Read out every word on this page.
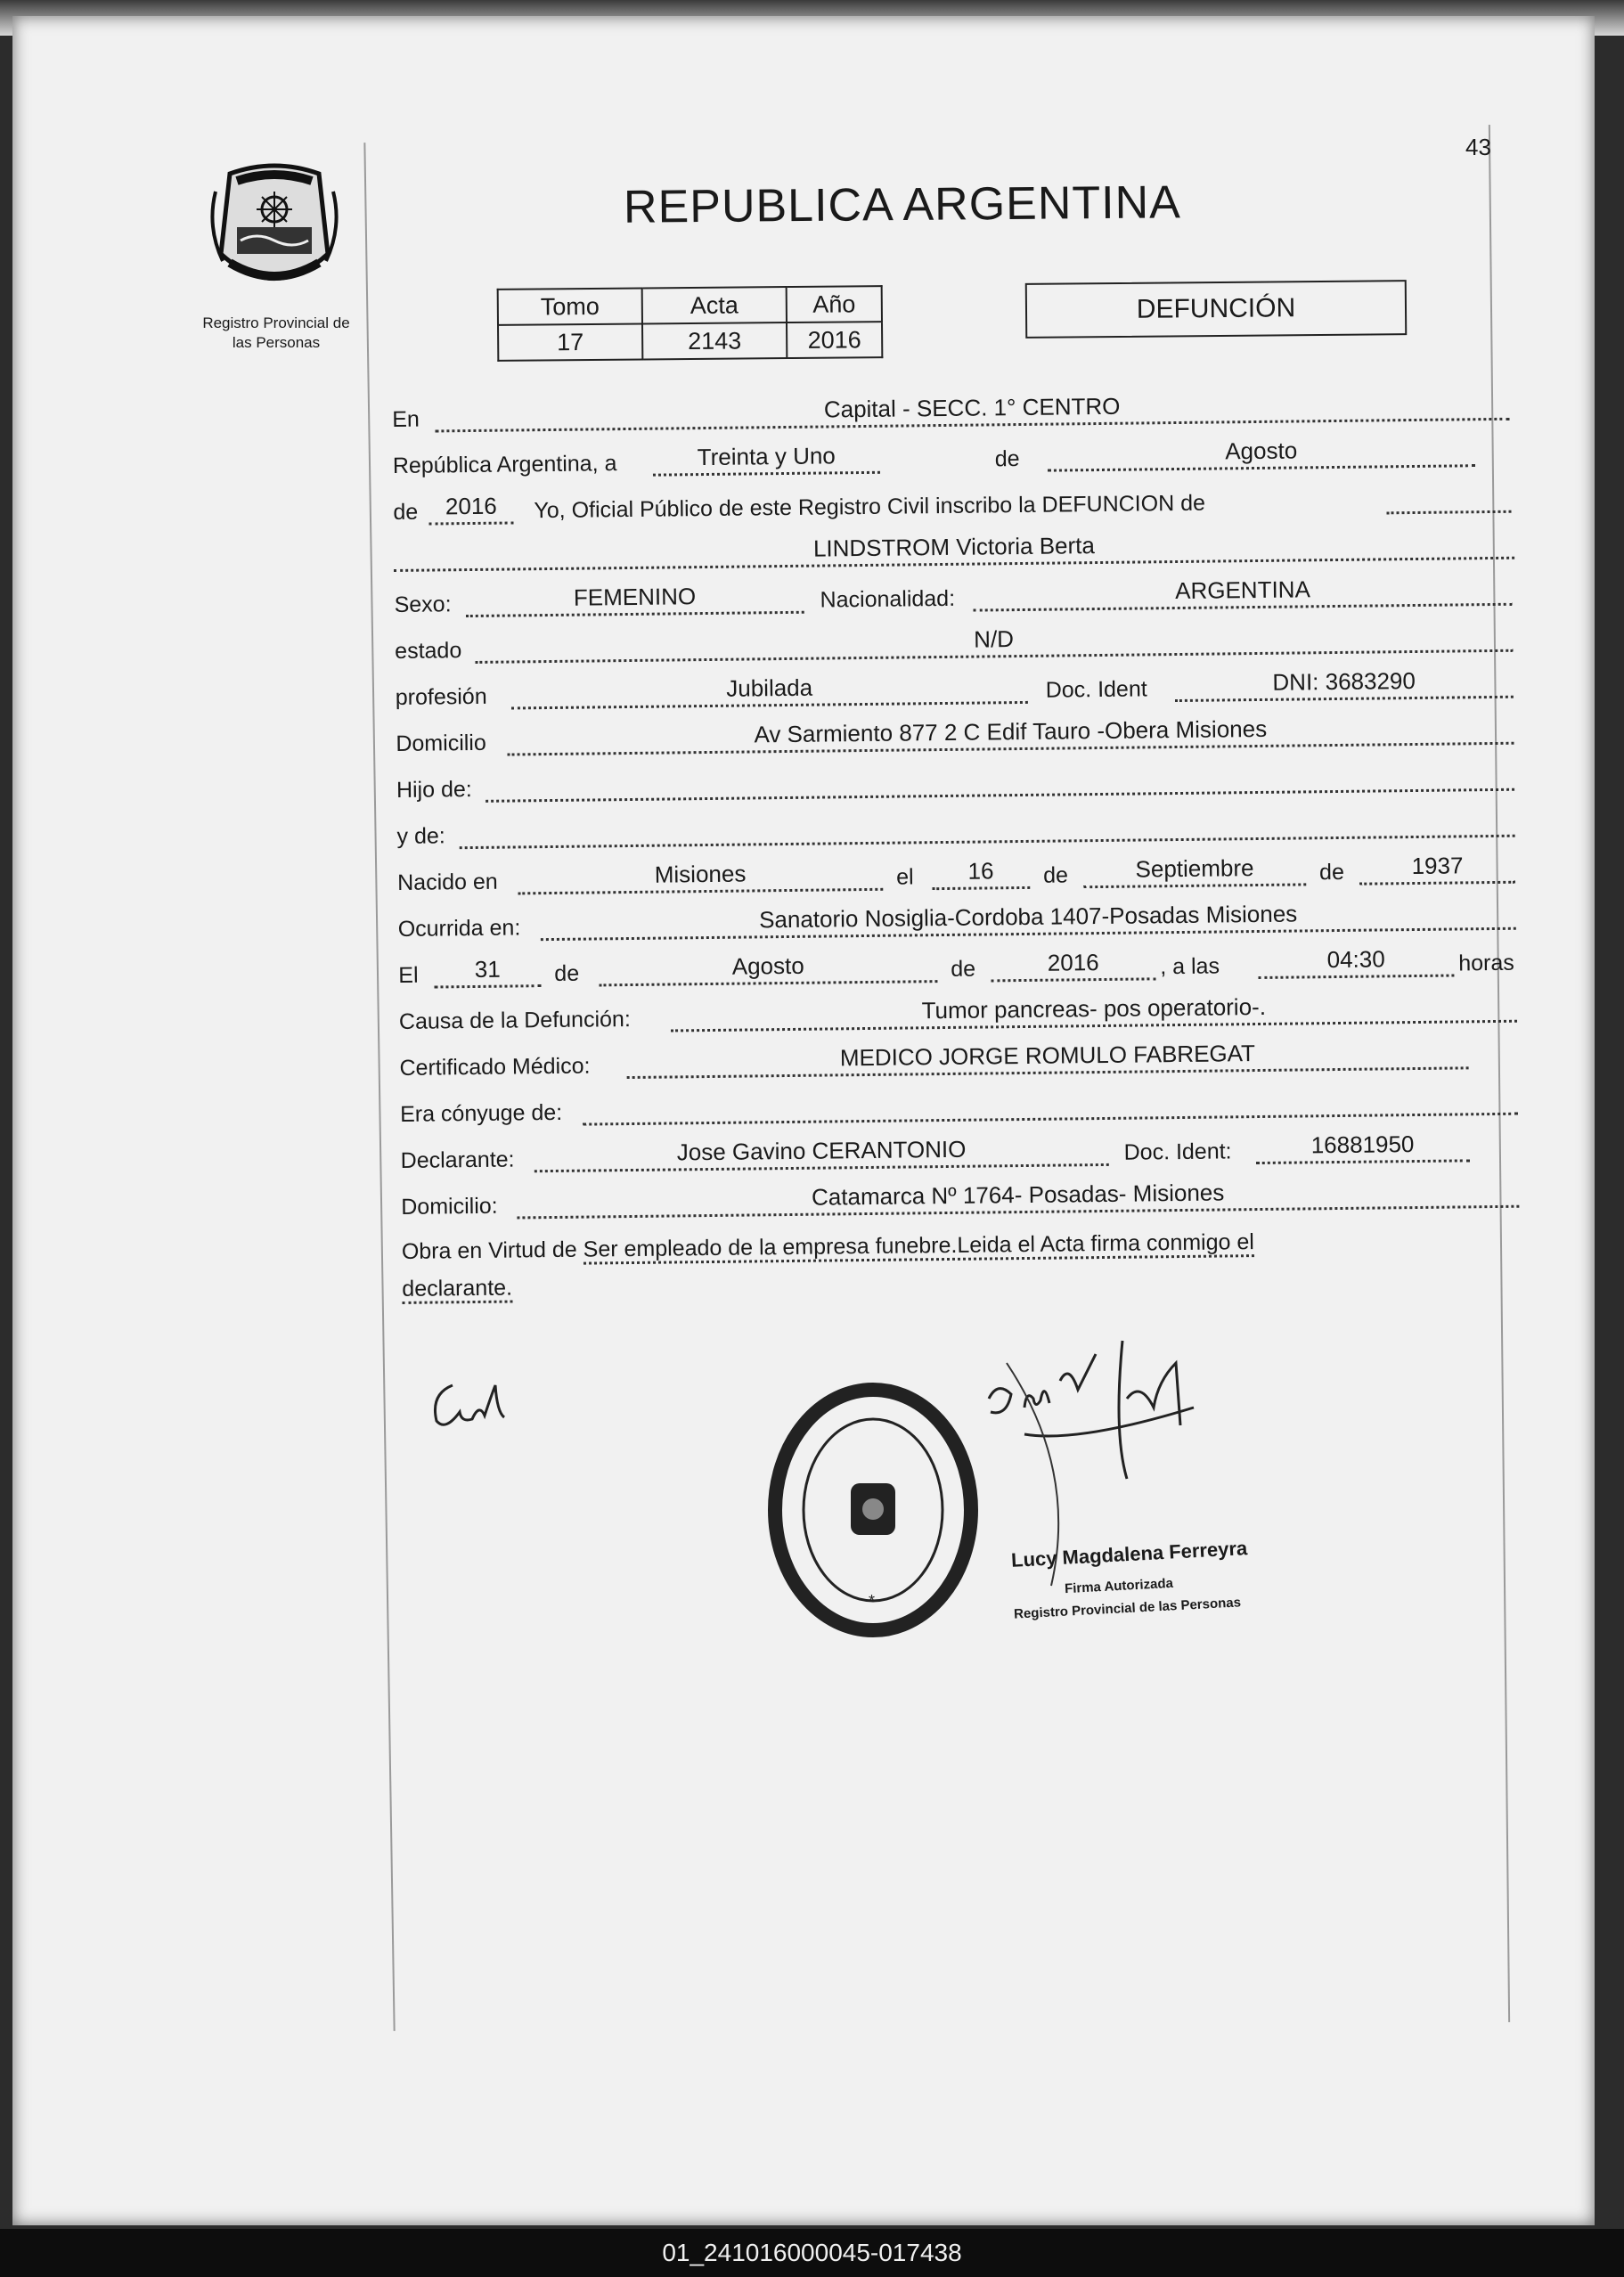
43
Registro Provincial de
las Personas
REPUBLICA ARGENTINA
Tomo	Acta	Año
17	2143	2016
DEFUNCIÓN
En	Capital - SECC. 1° CENTRO
República Argentina, a	Treinta y Uno	de	Agosto
de	2016	Yo, Oficial Público de este Registro Civil inscribo la DEFUNCION de
LINDSTROM Victoria Berta
Sexo:	FEMENINO	Nacionalidad:	ARGENTINA
estado	N/D
profesión	Jubilada	Doc. Ident	DNI: 3683290
Domicilio	Av Sarmiento 877 2 C Edif Tauro -Obera Misiones
Hijo de:
y de:
Nacido en	Misiones	el	16	de	Septiembre	de	1937
Ocurrida en:	Sanatorio Nosiglia-Cordoba 1407-Posadas Misiones
El	31	de	Agosto	de	2016	, a las	04:30	horas
Causa de la Defunción:	Tumor pancreas- pos operatorio-.
Certificado Médico:	MEDICO JORGE ROMULO FABREGAT
Era cónyuge de:
Declarante:	Jose Gavino CERANTONIO	Doc. Ident:	16881950
Domicilio:	Catamarca Nº 1764- Posadas- Misiones
Obra en Virtud de Ser empleado de la empresa funebre.Leida el Acta firma conmigo el
declarante.
*
Lucy Magdalena Ferreyra
Firma Autorizada
Registro Provincial de las Personas
01_241016000045-017438
